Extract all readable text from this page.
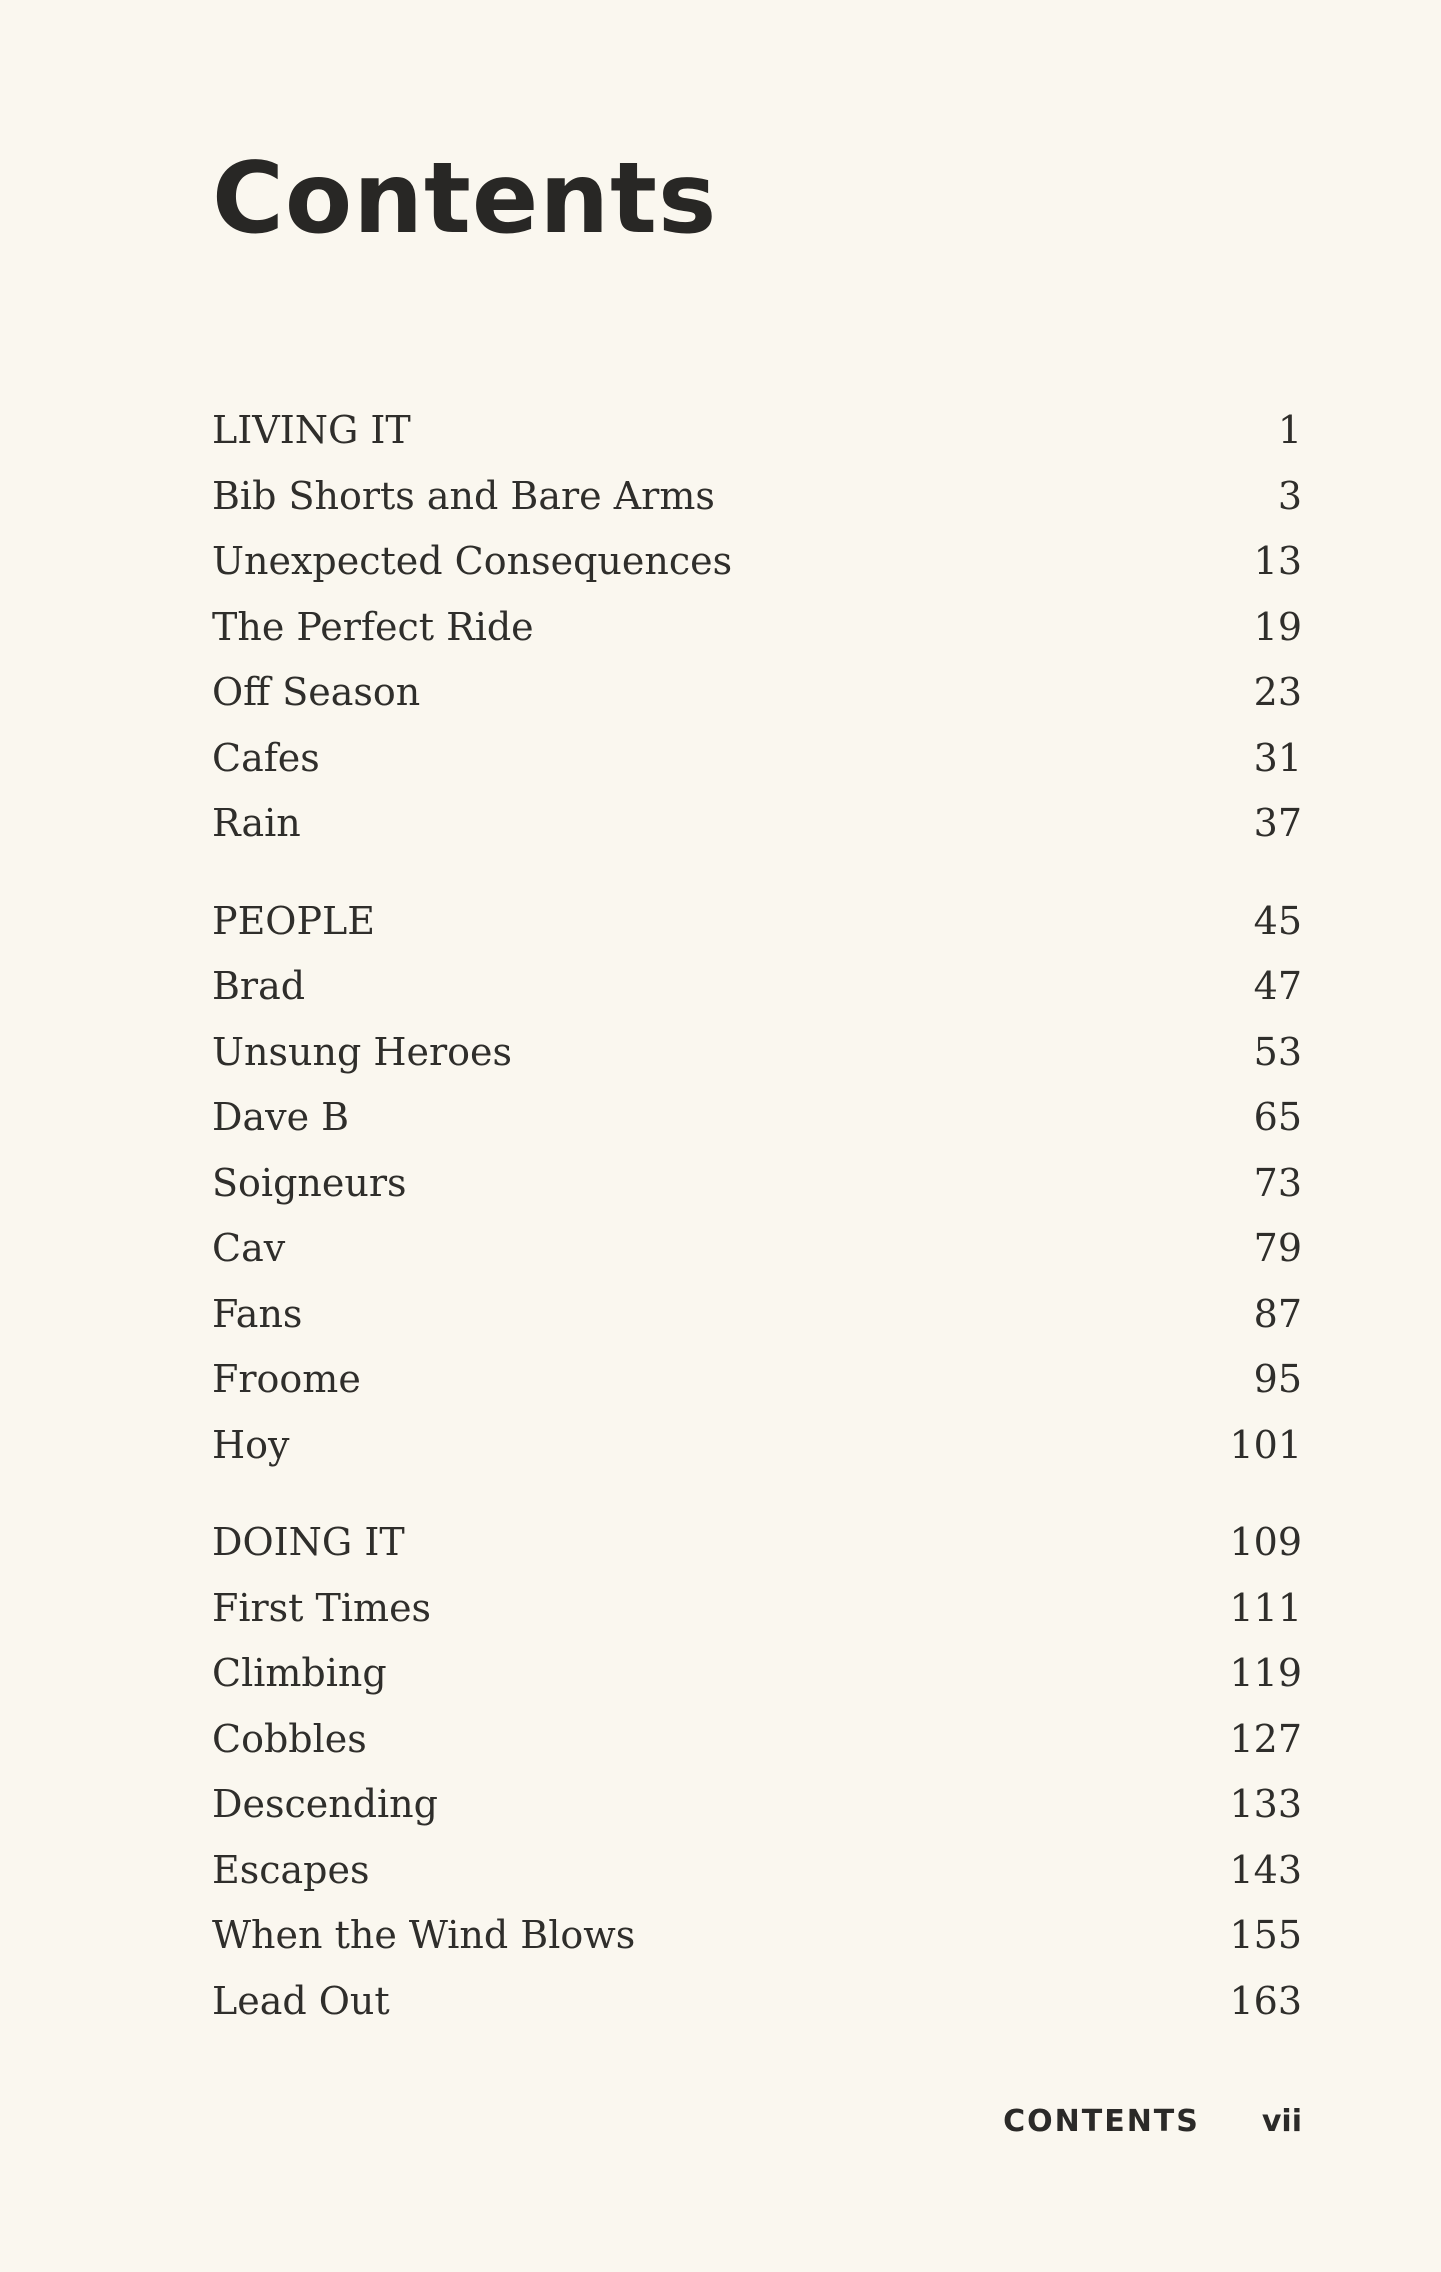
Contents
LIVING IT	1
Bib Shorts and Bare Arms	3
Unexpected Consequences	13
The Perfect Ride	19
Off Season	23
Cafes	31
Rain	37
PEOPLE	45
Brad	47
Unsung Heroes	53
Dave B	65
Soigneurs	73
Cav	79
Fans	87
Froome	95
Hoy	101
DOING IT	109
First Times	111
Climbing	119
Cobbles	127
Descending	133
Escapes	143
When the Wind Blows	155
Lead Out	163
CONTENTS vii
